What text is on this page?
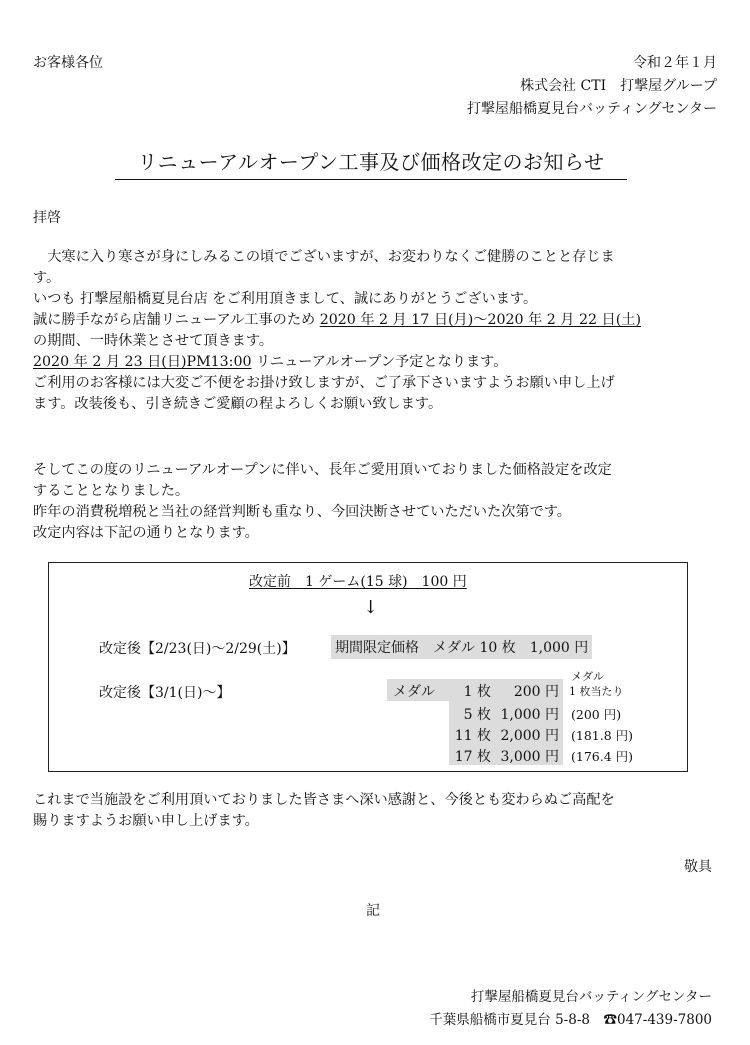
お客様各位	令和２年１月
株式会社 CTI　打撃屋グループ
打撃屋船橋夏見台バッティングセンター
リニューアルオープン工事及び価格改定のお知らせ
拝啓
　大寒に入り寒さが身にしみるこの頃でございますが、お変わりなくご健勝のことと存じま
す。
いつも 打撃屋船橋夏見台店 をご利用頂きまして、誠にありがとうございます。
誠に勝手ながら店舗リニューアル工事のため 2020 年 2 月 17 日(月)～2020 年 2 月 22 日(土)
の期間、一時休業とさせて頂きます。
2020 年 2 月 23 日(日)PM13:00 リニューアルオープン予定となります。
ご利用のお客様には大変ご不便をお掛け致しますが、ご了承下さいますようお願い申し上げ
ます。改装後も、引き続きご愛顧の程よろしくお願い致します。
そしてこの度のリニューアルオープンに伴い、長年ご愛用頂いておりました価格設定を改定
することとなりました。
昨年の消費税増税と当社の経営判断も重なり、今回決断させていただいた次第です。
改定内容は下記の通りとなります。
改定前　1 ゲーム(15 球)　100 円
↓
改定後【2/23(日)～2/29(土)】	期間限定価格　メダル 10 枚　1,000 円
改定後【3/1(日)～】
メダル
1 枚当たり
メダル	1 枚	200 円
5 枚 1,000 円 (200 円)
11 枚 2,000 円 (181.8 円)
17 枚 3,000 円 (176.4 円)
これまで当施設をご利用頂いておりました皆さまへ深い感謝と、今後とも変わらぬご高配を
賜りますようお願い申し上げます。
敬具
記
打撃屋船橋夏見台バッティングセンター
千葉県船橋市夏見台 5-8-8　☎047-439-7800
